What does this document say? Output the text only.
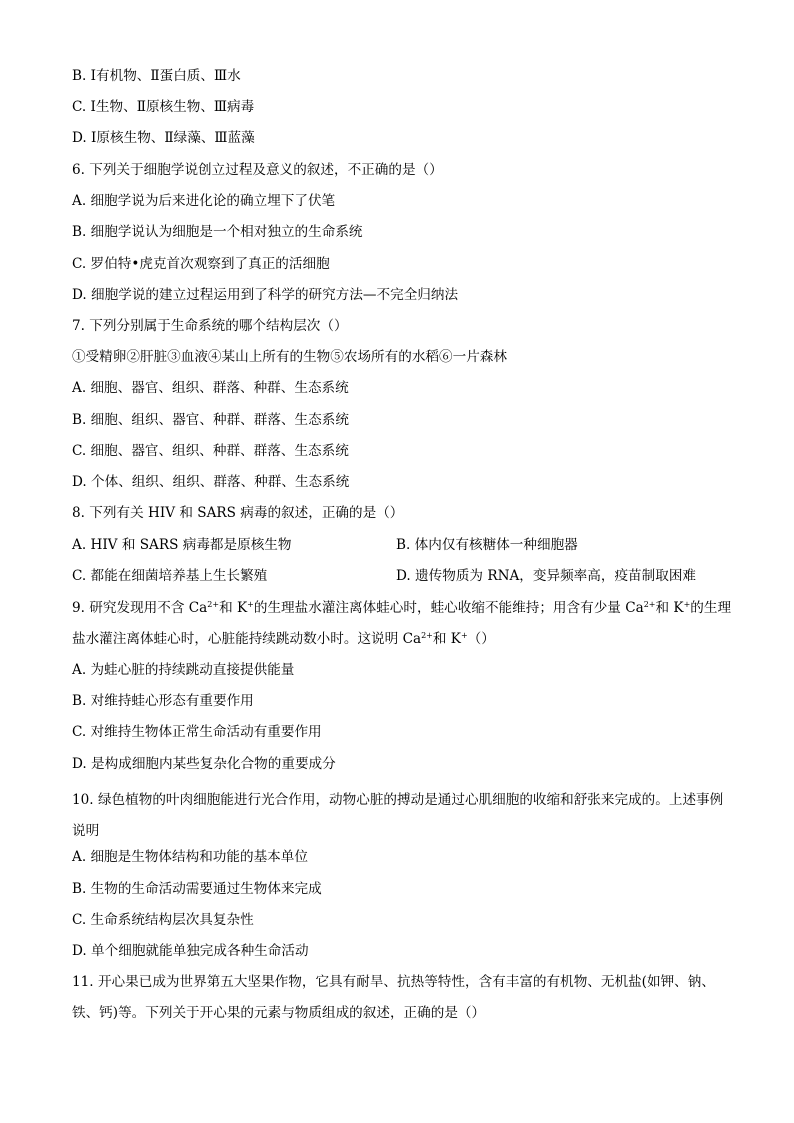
B. Ⅰ有机物、Ⅱ蛋白质、Ⅲ水
C. Ⅰ生物、Ⅱ原核生物、Ⅲ病毒
D. Ⅰ原核生物、Ⅱ绿藻、Ⅲ蓝藻
6. 下列关于细胞学说创立过程及意义的叙述，不正确的是（）
A. 细胞学说为后来进化论的确立埋下了伏笔
B. 细胞学说认为细胞是一个相对独立的生命系统
C. 罗伯特•虎克首次观察到了真正的活细胞
D. 细胞学说的建立过程运用到了科学的研究方法—不完全归纳法
7. 下列分别属于生命系统的哪个结构层次（）
①受精卵②肝脏③血液④某山上所有的生物⑤农场所有的水稻⑥一片森林
A. 细胞、器官、组织、群落、种群、生态系统
B. 细胞、组织、器官、种群、群落、生态系统
C. 细胞、器官、组织、种群、群落、生态系统
D. 个体、组织、组织、群落、种群、生态系统
8. 下列有关 HIV 和 SARS 病毒的叙述，正确的是（）
A. HIV 和 SARS 病毒都是原核生物	B. 体内仅有核糖体一种细胞器
C. 都能在细菌培养基上生长繁殖	D. 遗传物质为 RNA，变异频率高，疫苗制取困难
9. 研究发现用不含 $Ca^{2+}$和 K+的生理盐水灌注离体蛙心时，蛙心收缩不能维持；用含有少量 $Ca^{2+}$和 K+的生理
盐水灌注离体蛙心时，心脏能持续跳动数小时。这说明 $Ca^{2+}$和 K+（）
A. 为蛙心脏的持续跳动直接提供能量
B. 对维持蛙心形态有重要作用
C. 对维持生物体正常生命活动有重要作用
D. 是构成细胞内某些复杂化合物的重要成分
10. 绿色植物的叶肉细胞能进行光合作用，动物心脏的搏动是通过心肌细胞的收缩和舒张来完成的。上述事例说明
A. 细胞是生物体结构和功能的基本单位
B. 生物的生命活动需要通过生物体来完成
C. 生命系统结构层次具复杂性
D. 单个细胞就能单独完成各种生命活动
11. 开心果已成为世界第五大坚果作物，它具有耐旱、抗热等特性，含有丰富的有机物、无机盐(如钾、钠、铁、钙)等。下列关于开心果的元素与物质组成的叙述，正确的是（）
